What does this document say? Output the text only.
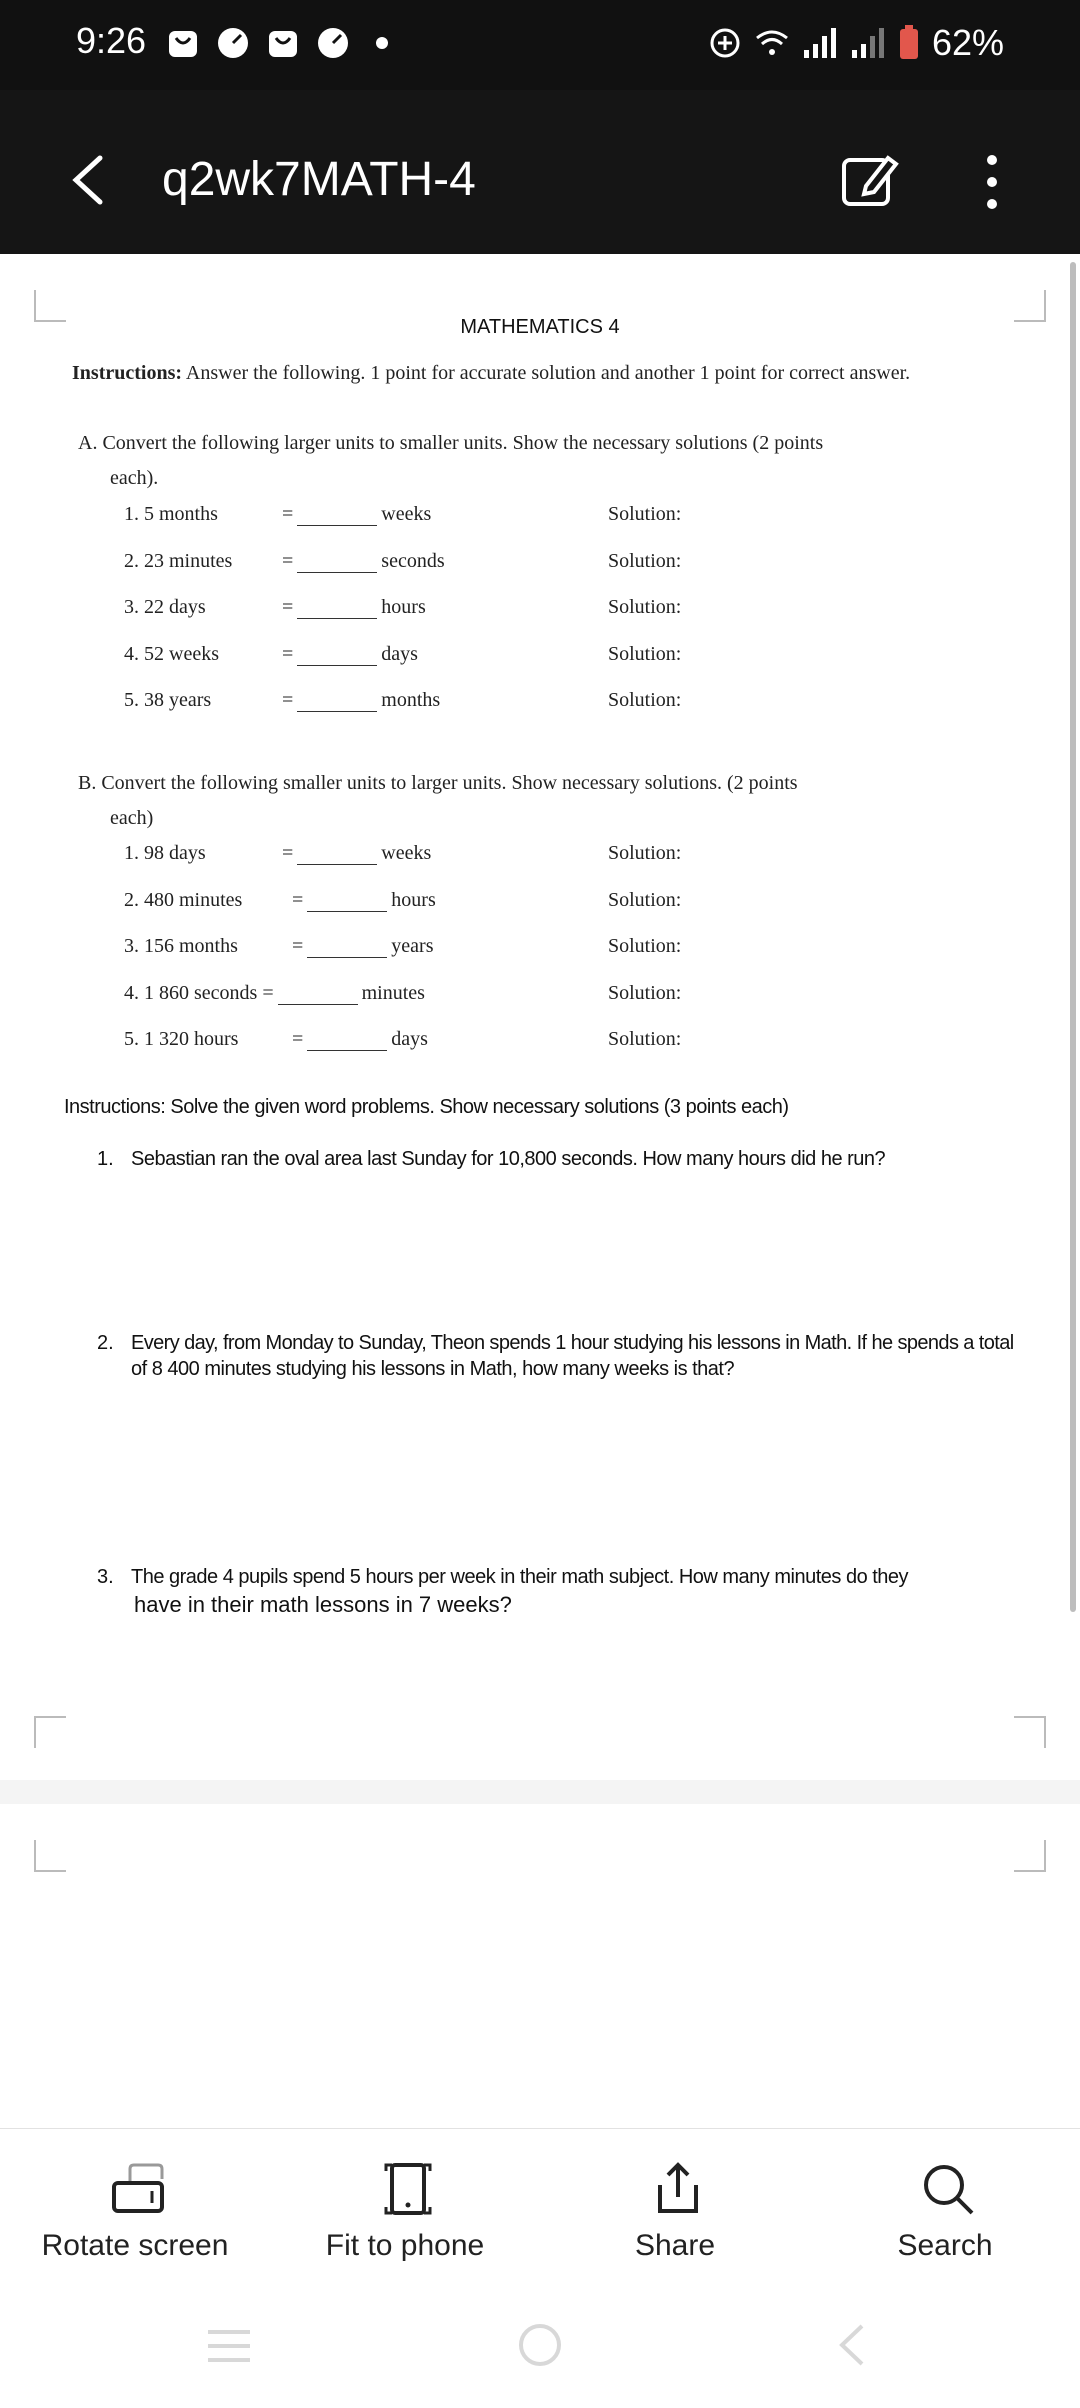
9:26	62%
q2wk7MATH-4
MATHEMATICS 4
Instructions: Answer the following. 1 point for accurate solution and another 1 point for correct answer.
A. Convert the following larger units to smaller units. Show the necessary solutions (2 points
each).
1. 5 months	=	weeks	Solution:
2. 23 minutes =	seconds	Solution:
3. 22 days	=	hours	Solution:
4. 52 weeks	=	days	Solution:
5. 38 years	=	months	Solution:
B. Convert the following smaller units to larger units. Show necessary solutions. (2 points
each)
1. 98 days	=	weeks	Solution:
2. 480 minutes =	hours	Solution:
3. 156 months	=	years	Solution:
4. 1 860 seconds =	minutes	Solution:
5. 1 320 hours	=	days	Solution:
Instructions: Solve the given word problems. Show necessary solutions (3 points each)
1. Sebastian ran the oval area last Sunday for 10,800 seconds. How many hours did he run?
2. Every day, from Monday to Sunday, Theon spends 1 hour studying his lessons in Math. If he spends a total
of 8 400 minutes studying his lessons in Math, how many weeks is that?
3. The grade 4 pupils spend 5 hours per week in their math subject. How many minutes do they
have in their math lessons in 7 weeks?
Rotate screen	Fit to phone	Share	Search
